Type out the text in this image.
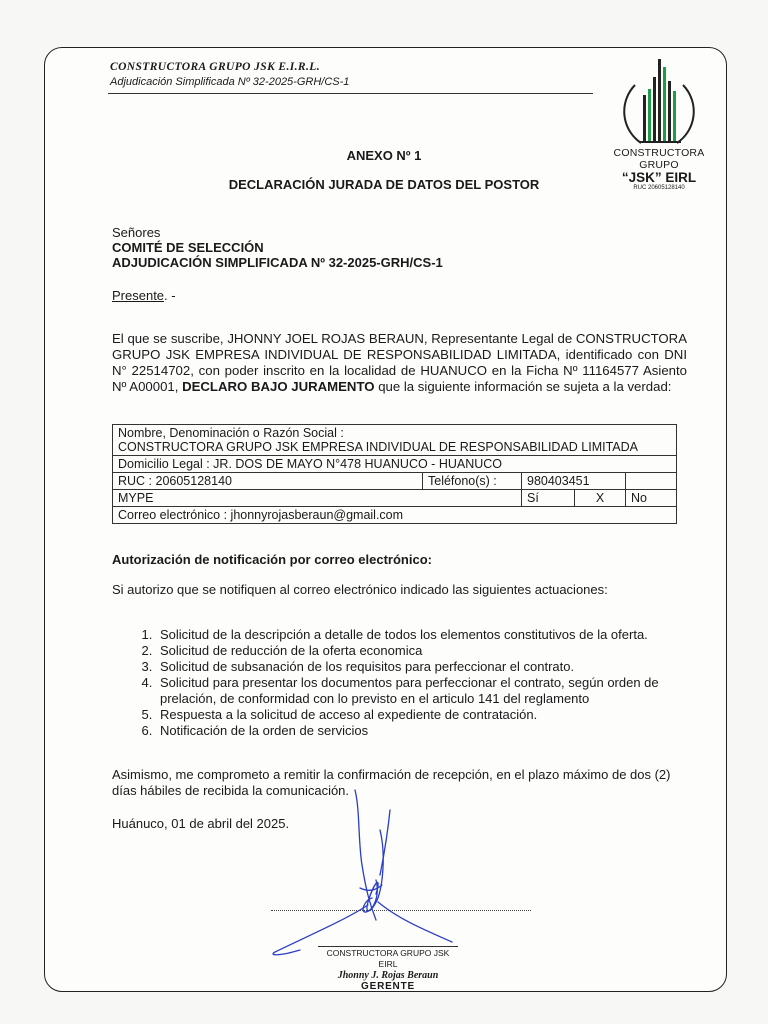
CONSTRUCTORA GRUPO JSK E.I.R.L.
Adjudicación Simplificada Nº 32-2025-GRH/CS-1
CONSTRUCTORA GRUPO
“JSK” EIRL
RUC 20605128140
ANEXO Nº 1
DECLARACIÓN JURADA DE DATOS DEL POSTOR
Señores
COMITÉ DE SELECCIÓN
ADJUDICACIÓN SIMPLIFICADA Nº 32-2025-GRH/CS-1
Presente. -
El que se suscribe, JHONNY JOEL ROJAS BERAUN, Representante Legal de CONSTRUCTORA GRUPO JSK EMPRESA INDIVIDUAL DE RESPONSABILIDAD LIMITADA, identificado con DNI N° 22514702, con poder inscrito en la localidad de HUANUCO en la Ficha Nº 11164577 Asiento Nº A00001, DECLARO BAJO JURAMENTO que la siguiente información se sujeta a la verdad:
Nombre, Denominación o Razón Social :
CONSTRUCTORA GRUPO JSK EMPRESA INDIVIDUAL DE RESPONSABILIDAD LIMITADA				

Domicilio Legal : JR. DOS DE MAYO N°478 HUANUCO - HUANUCO				
RUC : 20605128140	Teléfono(s) :	980403451		
MYPE		Sí	X	No
Correo electrónico : jhonnyrojasberaun@gmail.com				
Autorización de notificación por correo electrónico:
Si autorizo que se notifiquen al correo electrónico indicado las siguientes actuaciones:
1. Solicitud de la descripción a detalle de todos los elementos constitutivos de la oferta.
2. Solicitud de reducción de la oferta economica
3. Solicitud de subsanación de los requisitos para perfeccionar el contrato.
4. Solicitud para presentar los documentos para perfeccionar el contrato, según orden de prelación, de conformidad con lo previsto en el articulo 141 del reglamento
5. Respuesta a la solicitud de acceso al expediente de contratación.
6. Notificación de la orden de servicios
Asimismo, me comprometo a remitir la confirmación de recepción, en el plazo máximo de dos (2) días hábiles de recibida la comunicación.
Huánuco, 01 de abril del 2025.
CONSTRUCTORA GRUPO JSK EIRL
Jhonny J. Rojas Beraun
GERENTE
